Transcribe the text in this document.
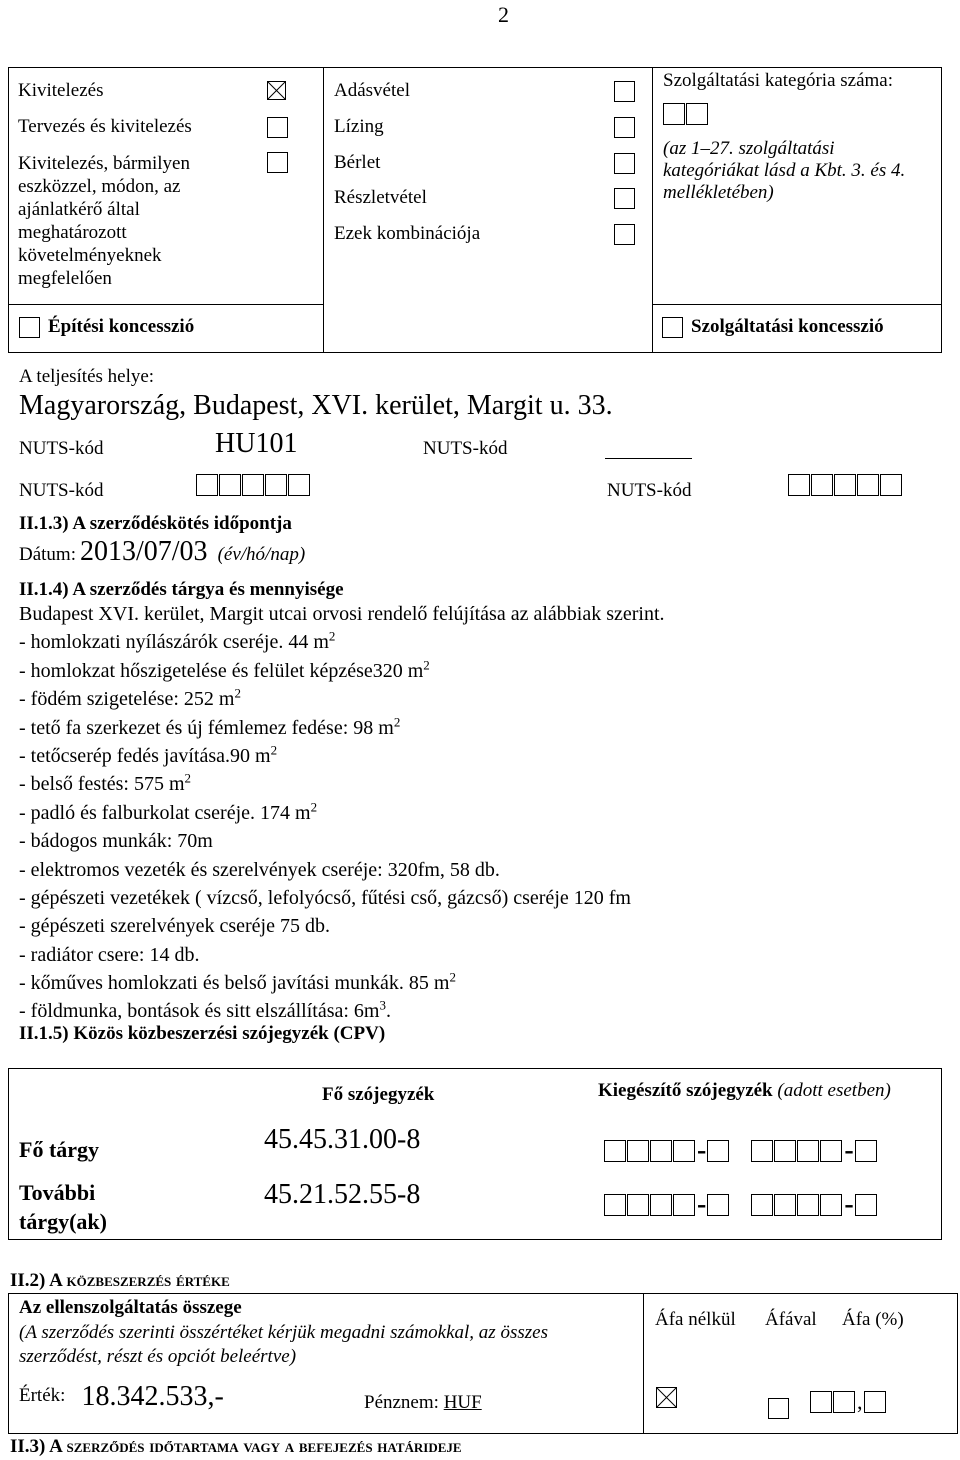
2
Kivitelezés
Tervezés és kivitelezés
Kivitelezés, bármilyen
eszközzel, módon, az
ajánlatkérő által
meghatározott
követelményeknek
megfelelően
Adásvétel
Lízing
Bérlet
Részletvétel
Ezek kombinációja
Szolgáltatási kategória száma:
(az 1–27. szolgáltatási
kategóriákat lásd a Kbt. 3. és 4.
mellékletében)
Építési koncesszió	Szolgáltatási koncesszió
A teljesítés helye:
Magyarország, Budapest, XVI. kerület, Margit u. 33.
NUTS-kód	HU101	NUTS-kód
NUTS-kód	NUTS-kód
II.1.3) A szerződéskötés időpontja
Dátum: 2013/07/03 (év/hó/nap)
II.1.4) A szerződés tárgya és mennyisége
Budapest XVI. kerület, Margit utcai orvosi rendelő felújítása az alábbiak szerint.
- homlokzati nyílászárók cseréje. 44 $m^2$
- homlokzat hőszigetelése és felület képzése320 $m^2$
- födém szigetelése: 252 $m^2$
- tető fa szerkezet és új fémlemez fedése: 98 $m^2$
- tetőcserép fedés javítása.90 $m^2$
- belső festés: 575 $m^2$
- padló és falburkolat cseréje. 174 $m^2$
- bádogos munkák: 70m
- elektromos vezeték és szerelvények cseréje: 320fm, 58 db.
- gépészeti vezetékek ( vízcső, lefolyócső, fűtési cső, gázcső) cseréje 120 fm
- gépészeti szerelvények cseréje 75 db.
- radiátor csere: 14 db.
- kőműves homlokzati és belső javítási munkák. 85 $m^2$
- földmunka, bontások és sitt elszállítása: $6m^3$.
II.1.5) Közös közbeszerzési szójegyzék (CPV)
Fő szójegyzék	Kiegészítő szójegyzék (adott esetben)
Fő tárgy	45.45.31.00-8	-	-
További
tárgy(ak)
45.21.52.55-8	-	-
II.2) A közbeszerzés értéke
Az ellenszolgáltatás összege
(A szerződés szerinti összértéket kérjük megadni számokkal, az összes
szerződést, részt és opciót beleértve)
Áfa nélkül Áfával Áfa (%)
Érték: 18.342.533,-	Pénznem: HUF	,
II.3) A szerződés időtartama vagy a befejezés határideje
